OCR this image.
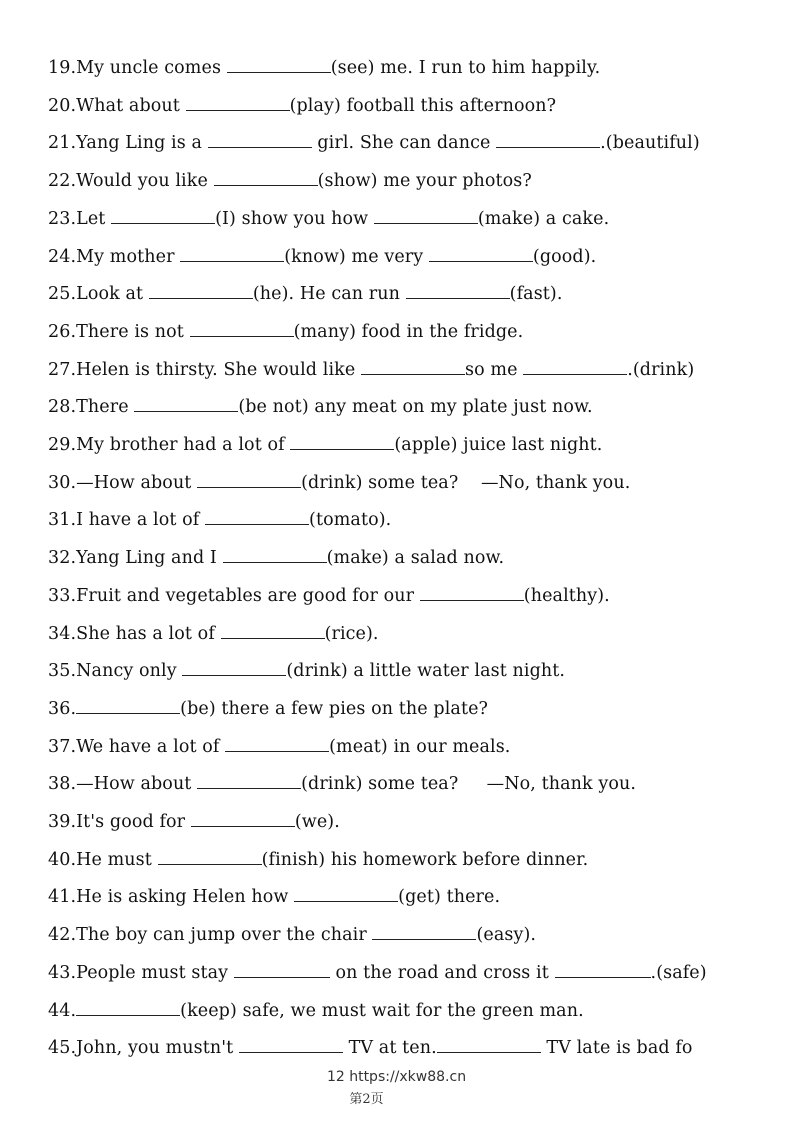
19.My uncle comes	(see) me. I run to him happily.
20.What about	(play) football this afternoon?
21.Yang Ling is a	girl. She can dance	.(beautiful)
22.Would you like	(show) me your photos?
23.Let	(I) show you how	(make) a cake.
24.My mother	(know) me very	(good).
25.Look at	(he). He can run	(fast).
26.There is not	(many) food in the fridge.
27.Helen is thirsty. She would like	so me	.(drink)
28.There	(be not) any meat on my plate just now.
29.My brother had a lot of	(apple) juice last night.
30.—How about	(drink) some tea?    —No, thank you.
31.I have a lot of	(tomato).
32.Yang Ling and I	(make) a salad now.
33.Fruit and vegetables are good for our	(healthy).
34.She has a lot of	(rice).
35.Nancy only	(drink) a little water last night.
36.	(be) there a few pies on the plate?
37.We have a lot of	(meat) in our meals.
38.—How about	(drink) some tea?     —No, thank you.
39.It's good for	(we).
40.He must	(finish) his homework before dinner.
41.He is asking Helen how	(get) there.
42.The boy can jump over the chair	(easy).
43.People must stay	on the road and cross it	.(safe)
44.	(keep) safe, we must wait for the green man.
45.John, you mustn't	TV at ten.	TV late is bad fo
12 https://xkw88.cn
第2页
